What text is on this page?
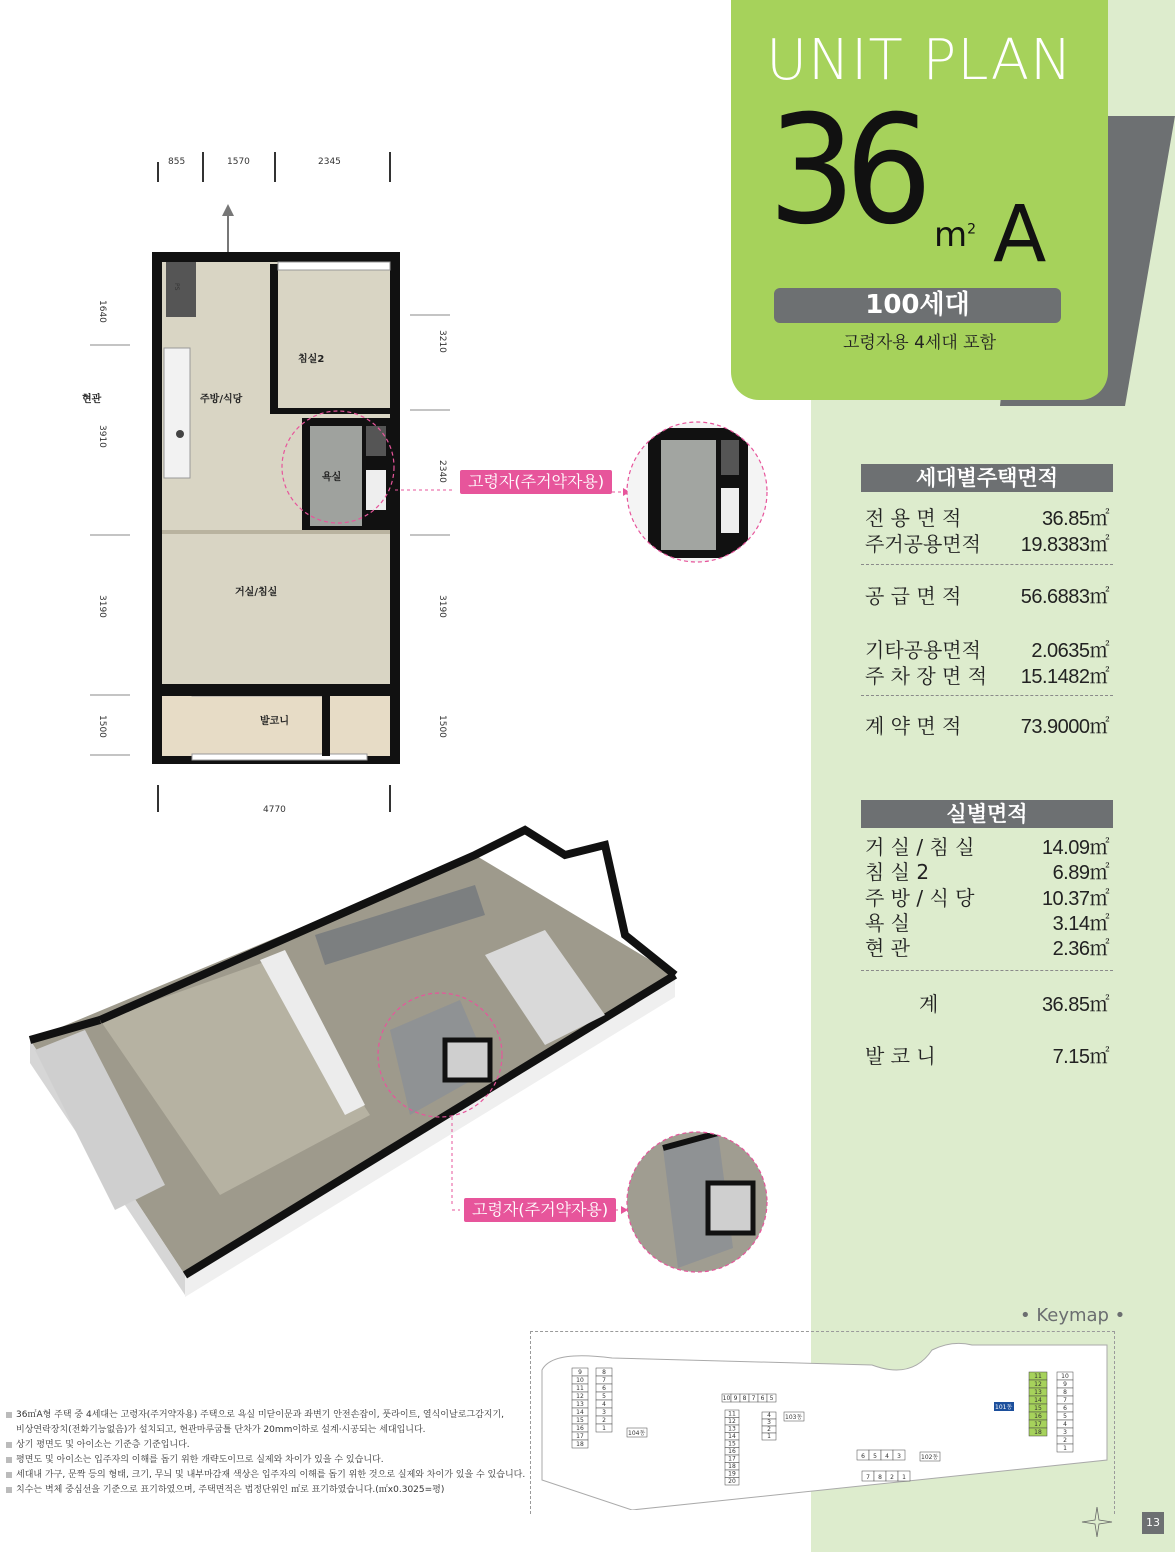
UNIT PLAN
36 $m^2$ A
100세대
고령자용 4세대 포함
855	1570	2345
1640
3910
3190
1500
3210
2340
3190
1500
현관
PS
침실2
주방/식당
욕실
거실/침실
발코니
4770
고령자(주거약자용)
고령자(주거약자용)
세대별주택면적
전 용 면 적	36.85㎡
주거공용면적 19.8383㎡
공 급 면 적	56.6883㎡
기타공용면적	2.0635㎡
주 차 장 면 적 15.1482㎡
계 약 면 적	73.9000㎡
실별면적
거 실 / 침 실	14.09㎡
침 실 2	6.89㎡
주 방 / 식 당	10.37㎡
욕 실	3.14㎡
현 관	2.36㎡
계	36.85㎡
발 코 니	7.15㎡
• Keymap •
9
10
11
12
13
14
15
16
17
18
8
7
6
5
4
3
2
1
104동
10 9 8 7 6 5
11
12
13
14
15
16
17
18
19
20
4
3
2
1
103동
6 5 4 3
7 8 2 1
102동
11
12
13
14
15
16
17
18
10
9
8
7
6
5
4
3
2
1
101동
36㎡A형 주택 중 4세대는 고령자(주거약자용) 주택으로 욕실 미닫이문과 좌변기 안전손잡이, 풋라이트, 열식이날로그감지기,
비상연락장치(전화기능없음)가 설치되고, 현관마루굽틀 단차가 20mm이하로 설계·시공되는 세대입니다.
상기 평면도 및 아이소는 기준층 기준입니다.
평면도 및 아이소는 입주자의 이해를 돕기 위한 개략도이므로 실제와 차이가 있을 수 있습니다.
세대내 가구, 문짝 등의 형태, 크기, 무늬 및 내부마감재 색상은 입주자의 이해를 돕기 위한 것으로 실제와 차이가 있을 수 있습니다.
치수는 벽체 중심선을 기준으로 표기하였으며, 주택면적은 법정단위인 ㎡로 표기하였습니다.(㎡x0.3025=평)
13
